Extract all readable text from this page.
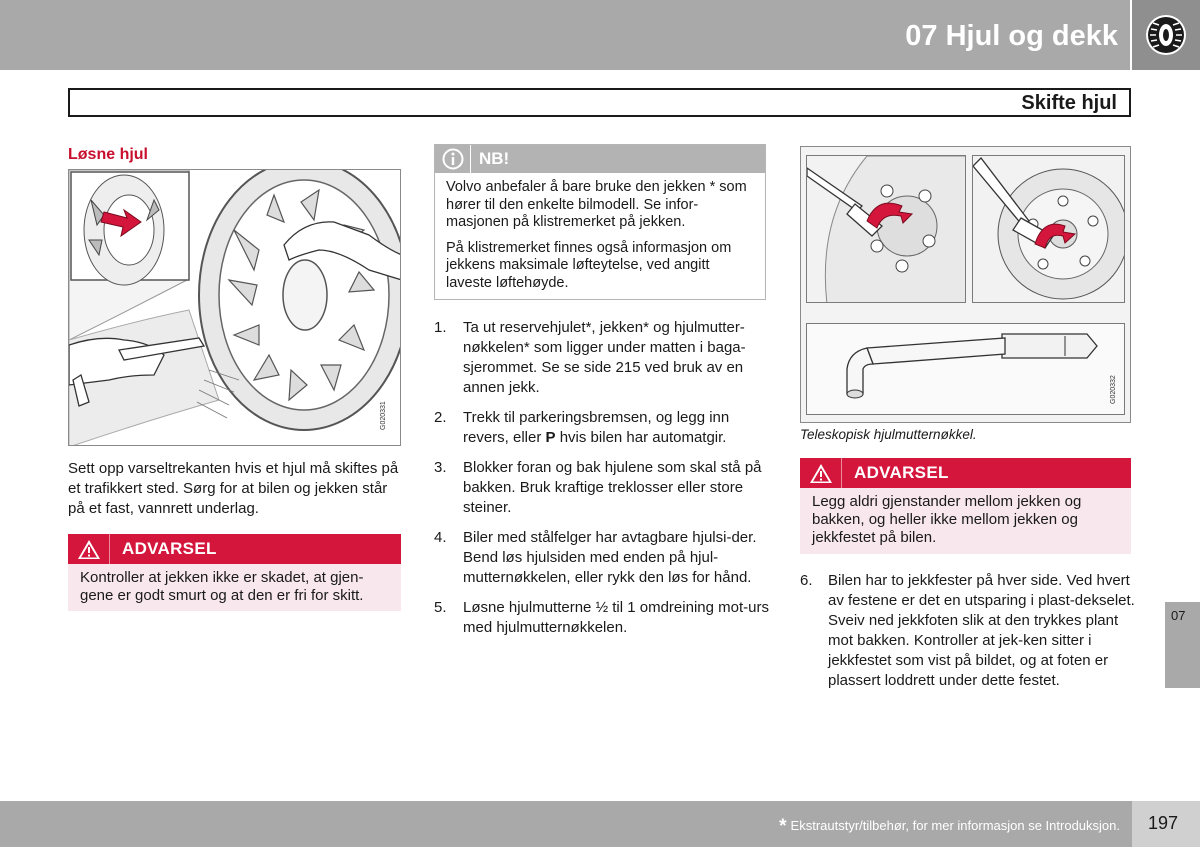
07 Hjul og dekk
Skifte hjul
Løsne hjul
G020331
Sett opp varseltrekanten hvis et hjul må skiftes på et trafikkert sted. Sørg for at bilen og jekken står på et fast, vannrett underlag.
ADVARSEL
Kontroller at jekken ikke er skadet, at gjen-gene er godt smurt og at den er fri for skitt.
NB!

Volvo anbefaler å bare bruke den jekken * som hører til den enkelte bilmodell. Se infor-masjonen på klistremerket på jekken.

På klistremerket finnes også informasjon om jekkens maksimale løfteytelse, ved angitt laveste løftehøyde.

1.	Ta ut reservehjulet*, jekken* og hjulmutter-nøkkelen* som ligger under matten i baga-sjerommet. Se se side 215 ved bruk av en annen jekk.
2.	Trekk til parkeringsbremsen, og legg inn revers, eller P hvis bilen har automatgir.
3.	Blokker foran og bak hjulene som skal stå på bakken. Bruk kraftige treklosser eller store steiner.
4.	Biler med stålfelger har avtagbare hjulsi-der. Bend løs hjulsiden med enden på hjul-mutternøkkelen, eller rykk den løs for hånd.
5.	Løsne hjulmutterne ½ til 1 omdreining mot-urs med hjulmutternøkkelen.
G020332
Teleskopisk hjulmutternøkkel.
ADVARSEL
Legg aldri gjenstander mellom jekken og bakken, og heller ikke mellom jekken og jekkfestet på bilen.
6.	Bilen har to jekkfester på hver side. Ved hvert av festene er det en utsparing i plast-dekselet. Sveiv ned jekkfoten slik at den trykkes plant mot bakken. Kontroller at jek-ken sitter i jekkfestet som vist på bildet, og at foten er plassert loddrett under dette festet.
07
* Ekstrautstyr/tilbehør, for mer informasjon se Introduksjon. 197
